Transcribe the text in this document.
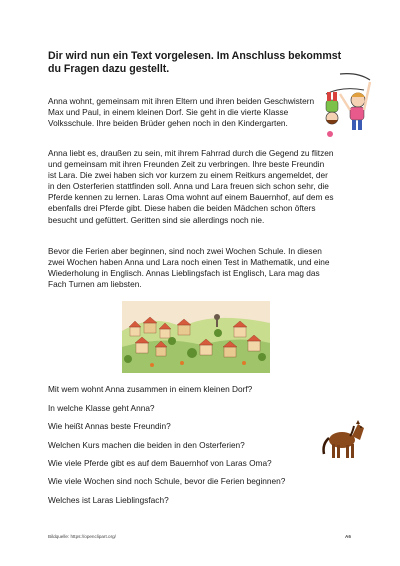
Dir wird nun ein Text vorgelesen. Im Anschluss bekommst
du Fragen dazu gestellt.

Anna wohnt, gemeinsam mit ihren Eltern und ihren beiden Geschwistern Max und Paul, in einem kleinen Dorf. Sie geht in die vierte Klasse Volksschule. Ihre beiden Brüder gehen noch in den Kindergarten.

Anna liebt es, draußen zu sein, mit ihrem Fahrrad durch die Gegend zu flitzen und gemeinsam mit ihren Freunden Zeit zu verbringen. Ihre beste Freundin ist Lara. Die zwei haben sich vor kurzem zu einem Reitkurs angemeldet, der in den Osterferien stattfinden soll. Anna und Lara freuen sich schon sehr, die Pferde kennen zu lernen. Laras Oma wohnt auf einem Bauernhof, auf dem es ebenfalls drei Pferde gibt. Diese haben die beiden Mädchen schon öfters besucht und gefüttert. Geritten sind sie allerdings noch nie.

Bevor die Ferien aber beginnen, sind noch zwei Wochen Schule. In diesen zwei Wochen haben Anna und Lara noch einen Test in Mathematik, und eine Wiederholung in Englisch. Annas Lieblingsfach ist Englisch, Lara mag das Fach Turnen am liebsten.

Mit wem wohnt Anna zusammen in einem kleinen Dorf?

In welche Klasse geht Anna?

Wie heißt Annas beste Freundin?

Welchen Kurs machen die beiden in den Osterferien?

Wie viele Pferde gibt es auf dem Bauernhof von Laras Oma?

Wie viele Wochen sind noch Schule, bevor die Ferien beginnen?

Welches ist Laras Lieblingsfach?

Bildquelle: https://openclipart.org/	A6
